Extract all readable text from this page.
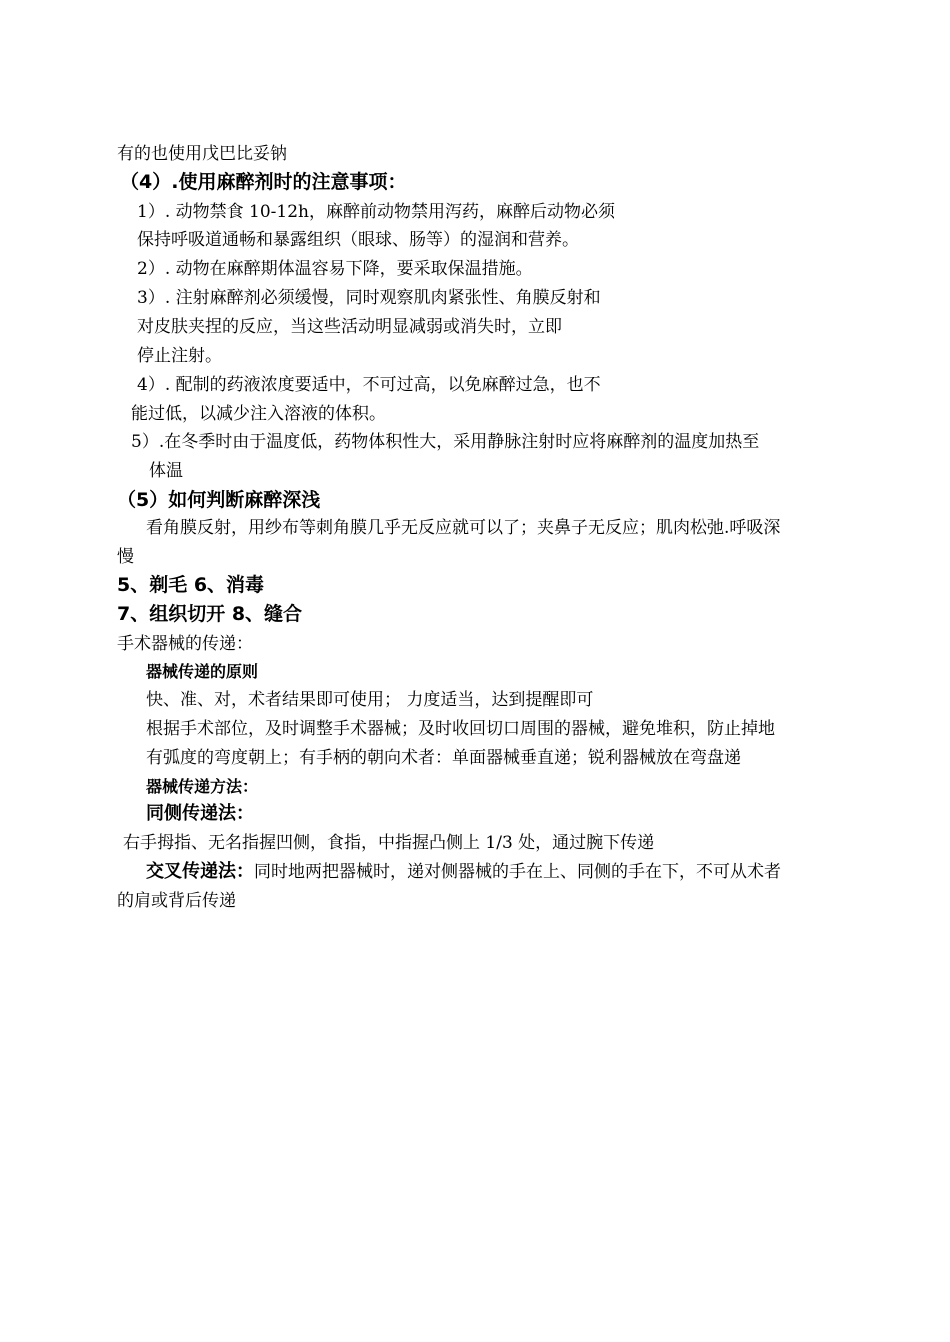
有的也使用戊巴比妥钠
（4）.使用麻醉剂时的注意事项：
1）. 动物禁食 10-12h，麻醉前动物禁用泻药，麻醉后动物必须
保持呼吸道通畅和暴露组织（眼球、肠等）的湿润和营养。
2）. 动物在麻醉期体温容易下降，要采取保温措施。
3）. 注射麻醉剂必须缓慢，同时观察肌肉紧张性、角膜反射和
对皮肤夹捏的反应，当这些活动明显减弱或消失时，立即
停止注射。
4）. 配制的药液浓度要适中，不可过高，以免麻醉过急，也不
能过低，以减少注入溶液的体积。
5）.在冬季时由于温度低，药物体积性大，采用静脉注射时应将麻醉剂的温度加热至
体温
（5）如何判断麻醉深浅
看角膜反射，用纱布等刺角膜几乎无反应就可以了；夹鼻子无反应；肌肉松弛.呼吸深
慢
5、剃毛 6、消毒
7、组织切开 8、缝合
手术器械的传递：
器械传递的原则
快、准、对，术者结果即可使用； 力度适当，达到提醒即可
根据手术部位，及时调整手术器械；及时收回切口周围的器械，避免堆积，防止掉地
有弧度的弯度朝上；有手柄的朝向术者：单面器械垂直递；锐利器械放在弯盘递
器械传递方法：
同侧传递法：
右手拇指、无名指握凹侧，食指，中指握凸侧上 1/3 处，通过腕下传递
交叉传递法：同时地两把器械时，递对侧器械的手在上、同侧的手在下，不可从术者
的肩或背后传递
